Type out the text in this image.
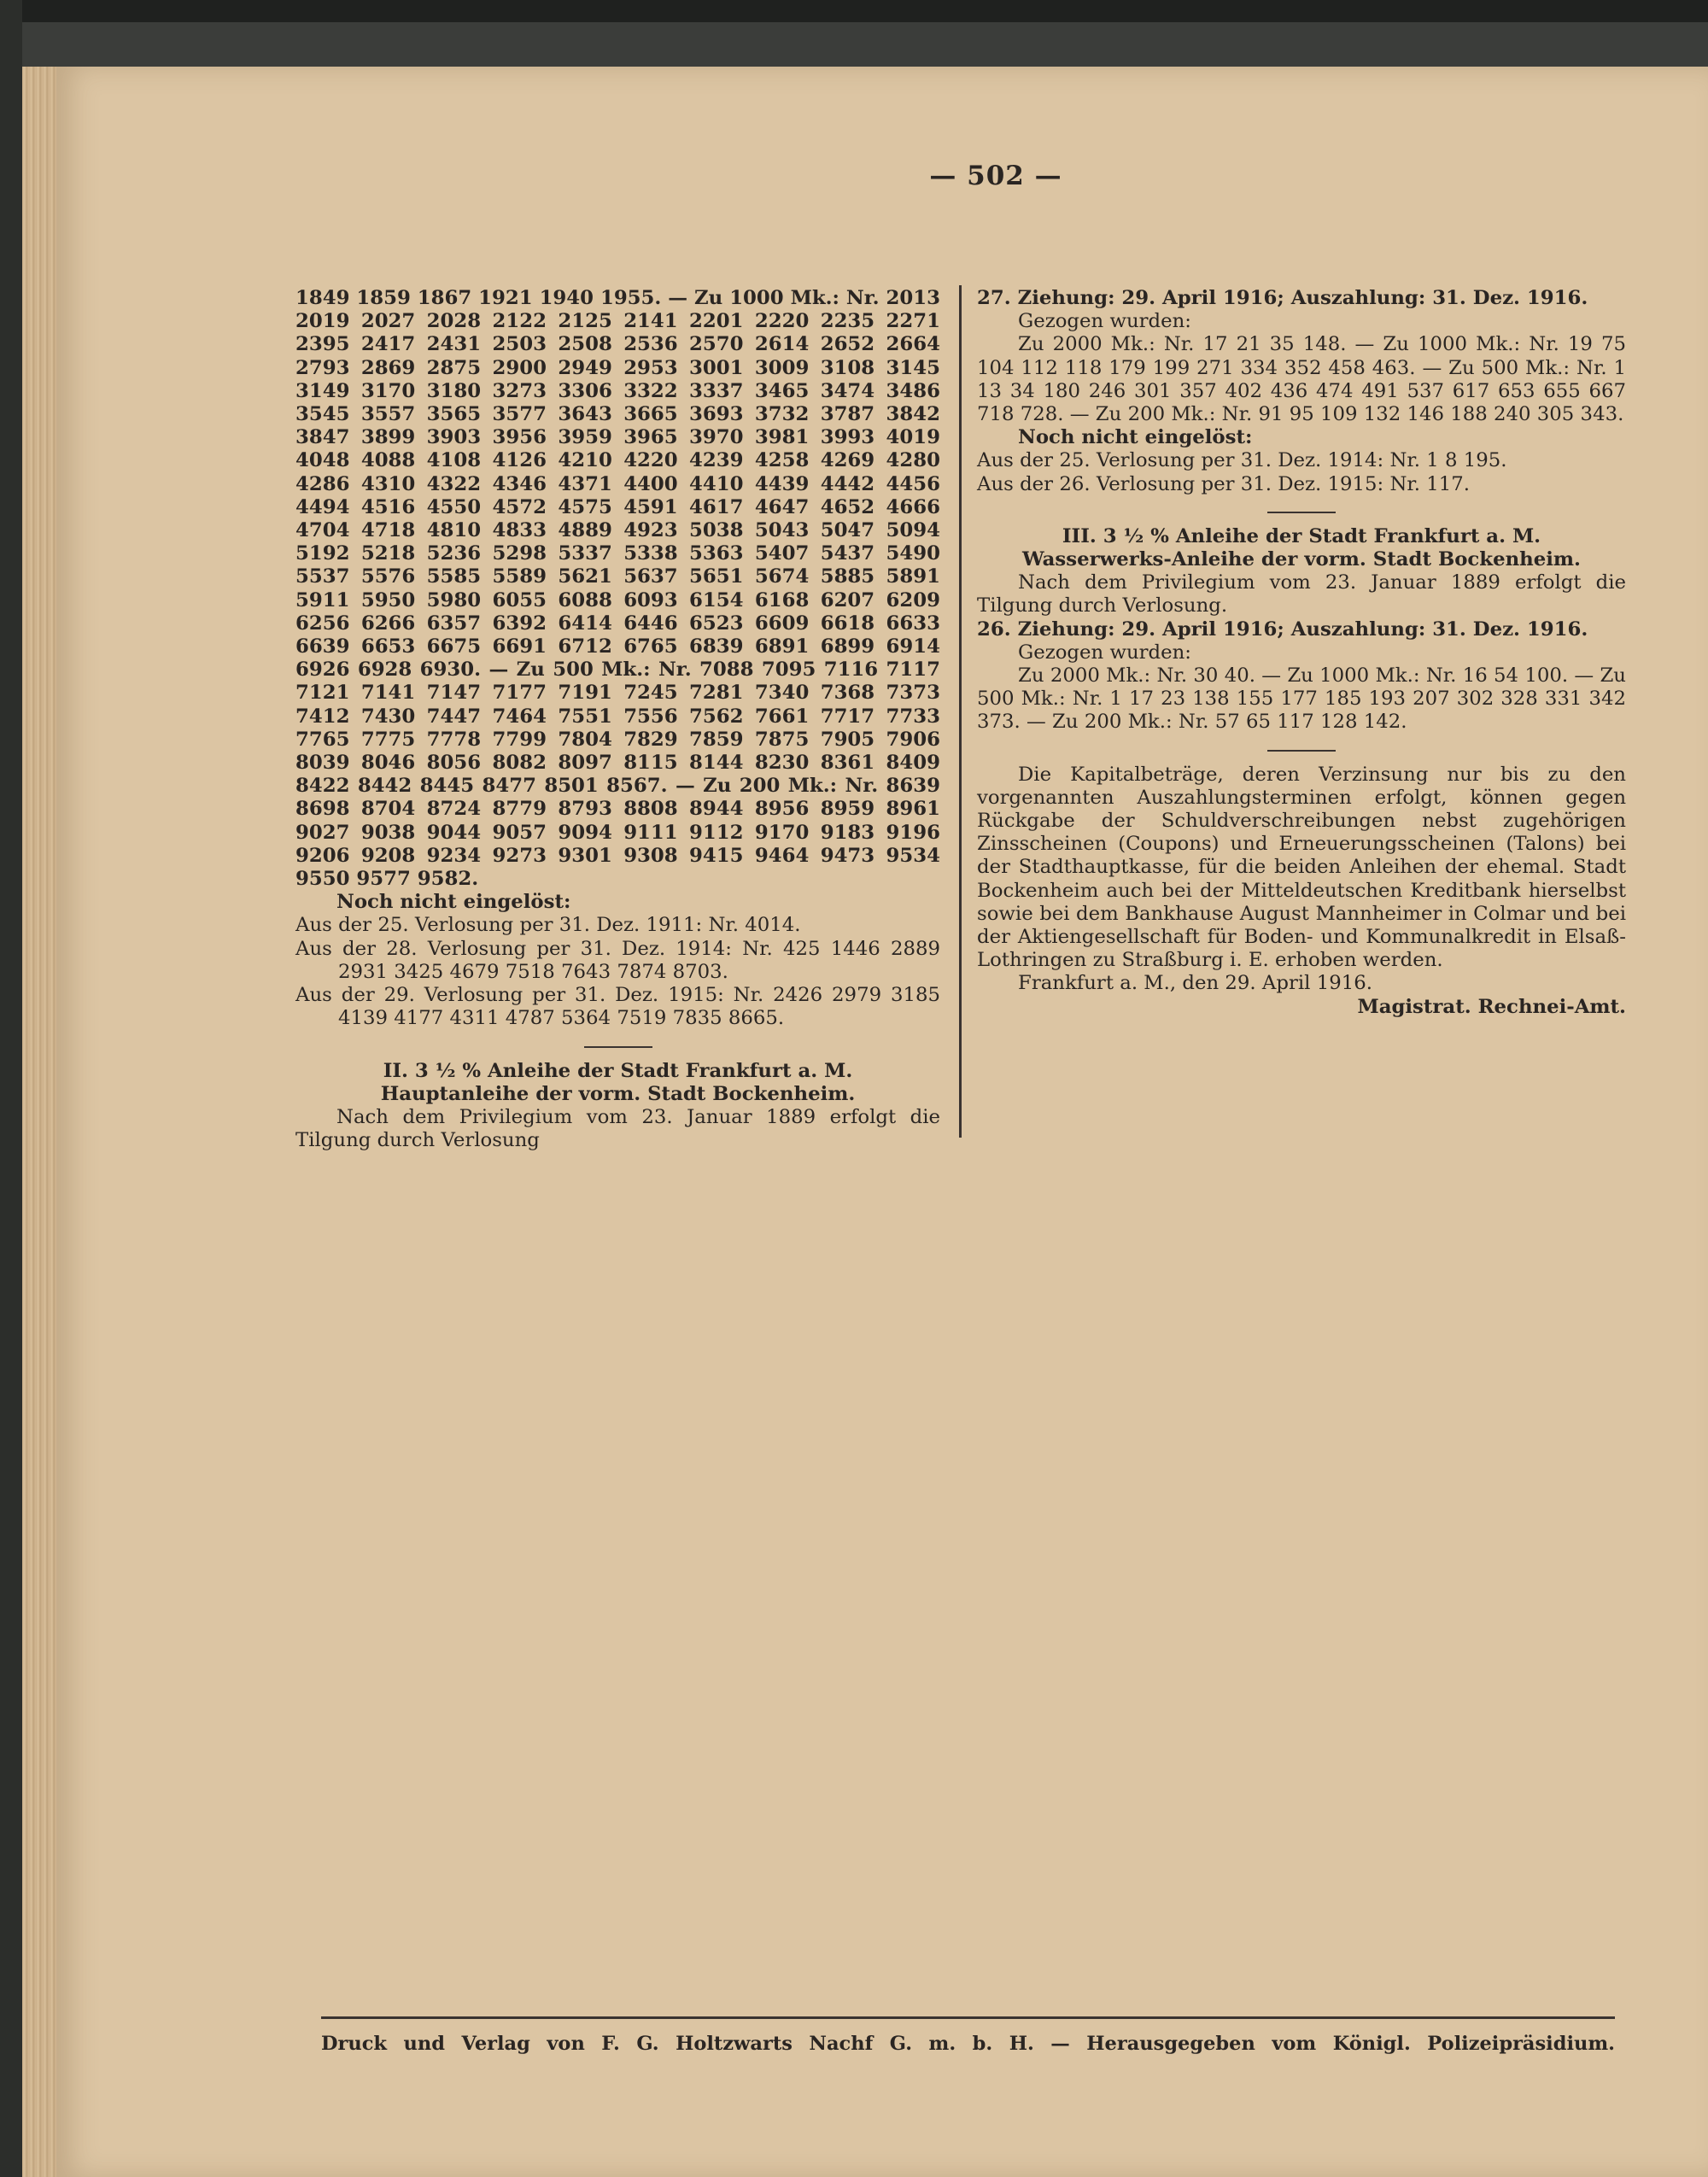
— 502 —

1849 1859 1867 1921 1940 1955. — Zu 1000 Mk.: Nr. 2013 2019 2027 2028 2122 2125 2141 2201 2220 2235 2271 2395 2417 2431 2503 2508 2536 2570 2614 2652 2664 2793 2869 2875 2900 2949 2953 3001 3009 3108 3145 3149 3170 3180 3273 3306 3322 3337 3465 3474 3486 3545 3557 3565 3577 3643 3665 3693 3732 3787 3842 3847 3899 3903 3956 3959 3965 3970 3981 3993 4019 4048 4088 4108 4126 4210 4220 4239 4258 4269 4280 4286 4310 4322 4346 4371 4400 4410 4439 4442 4456 4494 4516 4550 4572 4575 4591 4617 4647 4652 4666 4704 4718 4810 4833 4889 4923 5038 5043 5047 5094 5192 5218 5236 5298 5337 5338 5363 5407 5437 5490 5537 5576 5585 5589 5621 5637 5651 5674 5885 5891 5911 5950 5980 6055 6088 6093 6154 6168 6207 6209 6256 6266 6357 6392 6414 6446 6523 6609 6618 6633 6639 6653 6675 6691 6712 6765 6839 6891 6899 6914 6926 6928 6930. — Zu 500 Mk.: Nr. 7088 7095 7116 7117 7121 7141 7147 7177 7191 7245 7281 7340 7368 7373 7412 7430 7447 7464 7551 7556 7562 7661 7717 7733 7765 7775 7778 7799 7804 7829 7859 7875 7905 7906 8039 8046 8056 8082 8097 8115 8144 8230 8361 8409 8422 8442 8445 8477 8501 8567. — Zu 200 Mk.: Nr. 8639 8698 8704 8724 8779 8793 8808 8944 8956 8959 8961 9027 9038 9044 9057 9094 9111 9112 9170 9183 9196 9206 9208 9234 9273 9301 9308 9415 9464 9473 9534 9550 9577 9582.

Noch nicht eingelöst:

Aus der 25. Verlosung per 31. Dez. 1911: Nr. 4014.

Aus der 28. Verlosung per 31. Dez. 1914: Nr. 425 1446 2889 2931 3425 4679 7518 7643 7874 8703.

Aus der 29. Verlosung per 31. Dez. 1915: Nr. 2426 2979 3185 4139 4177 4311 4787 5364 7519 7835 8665.

II. 3 ½ % Anleihe der Stadt Frankfurt a. M.

Hauptanleihe der vorm. Stadt Bockenheim.

Nach dem Privilegium vom 23. Januar 1889 erfolgt die Tilgung durch Verlosung

27. Ziehung: 29. April 1916; Auszahlung: 31. Dez. 1916.

Gezogen wurden:

Zu 2000 Mk.: Nr. 17 21 35 148. — Zu 1000 Mk.: Nr. 19 75 104 112 118 179 199 271 334 352 458 463. — Zu 500 Mk.: Nr. 1 13 34 180 246 301 357 402 436 474 491 537 617 653 655 667 718 728. — Zu 200 Mk.: Nr. 91 95 109 132 146 188 240 305 343.

Noch nicht eingelöst:

Aus der 25. Verlosung per 31. Dez. 1914: Nr. 1 8 195.

Aus der 26. Verlosung per 31. Dez. 1915: Nr. 117.

III. 3 ½ % Anleihe der Stadt Frankfurt a. M.

Wasserwerks-Anleihe der vorm. Stadt Bockenheim.

Nach dem Privilegium vom 23. Januar 1889 erfolgt die Tilgung durch Verlosung.

26. Ziehung: 29. April 1916; Auszahlung: 31. Dez. 1916.

Gezogen wurden:

Zu 2000 Mk.: Nr. 30 40. — Zu 1000 Mk.: Nr. 16 54 100. — Zu 500 Mk.: Nr. 1 17 23 138 155 177 185 193 207 302 328 331 342 373. — Zu 200 Mk.: Nr. 57 65 117 128 142.

Die Kapitalbeträge, deren Verzinsung nur bis zu den vorgenannten Auszahlungsterminen erfolgt, können gegen Rückgabe der Schuldverschreibungen nebst zugehörigen Zinsscheinen (Coupons) und Erneuerungsscheinen (Talons) bei der Stadthauptkasse, für die beiden Anleihen der ehemal. Stadt Bockenheim auch bei der Mitteldeutschen Kreditbank hierselbst sowie bei dem Bankhause August Mannheimer in Colmar und bei der Aktiengesellschaft für Boden- und Kommunalkredit in Elsaß-Lothringen zu Straßburg i. E. erhoben werden.

Frankfurt a. M., den 29. April 1916.

Magistrat. Rechnei-Amt.

Druck und Verlag von F. G. Holtzwarts Nachf G. m. b. H. — Herausgegeben vom Königl. Polizeipräsidium.
